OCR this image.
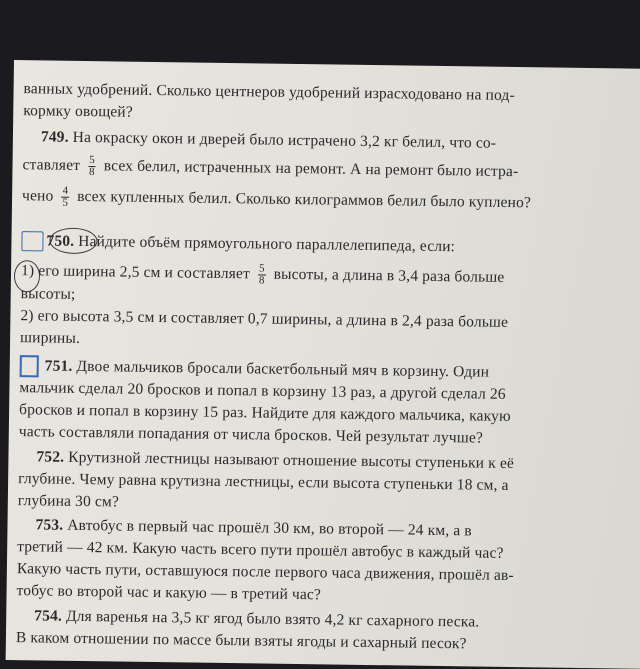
ванных удобрений. Сколько центнеров удобрений израсходовано на под-
кормку овощей?
749. На окраску окон и дверей было истрачено 3,2 кг белил, что со-
ставляет $\frac{5}{8}$ всех белил, истраченных на ремонт. А на ремонт было истра-
чено $\frac{4}{5}$ всех купленных белил. Сколько килограммов белил было куплено?
750. Найдите объём прямоугольного параллелепипеда, если:
1) его ширина 2,5 см и составляет $\frac{5}{8}$ высоты, а длина в 3,4 раза больше
высоты;
2) его высота 3,5 см и составляет 0,7 ширины, а длина в 2,4 раза больше
ширины.
751. Двое мальчиков бросали баскетбольный мяч в корзину. Один
мальчик сделал 20 бросков и попал в корзину 13 раз, а другой сделал 26
бросков и попал в корзину 15 раз. Найдите для каждого мальчика, какую
часть составляли попадания от числа бросков. Чей результат лучше?
752. Крутизной лестницы называют отношение высоты ступеньки к её
глубине. Чему равна крутизна лестницы, если высота ступеньки 18 см, а
глубина 30 см?
753. Автобус в первый час прошёл 30 км, во второй — 24 км, а в
третий — 42 км. Какую часть всего пути прошёл автобус в каждый час?
Какую часть пути, оставшуюся после первого часа движения, прошёл ав-
тобус во второй час и какую — в третий час?
754. Для варенья на 3,5 кг ягод было взято 4,2 кг сахарного песка.
В каком отношении по массе были взяты ягоды и сахарный песок?
